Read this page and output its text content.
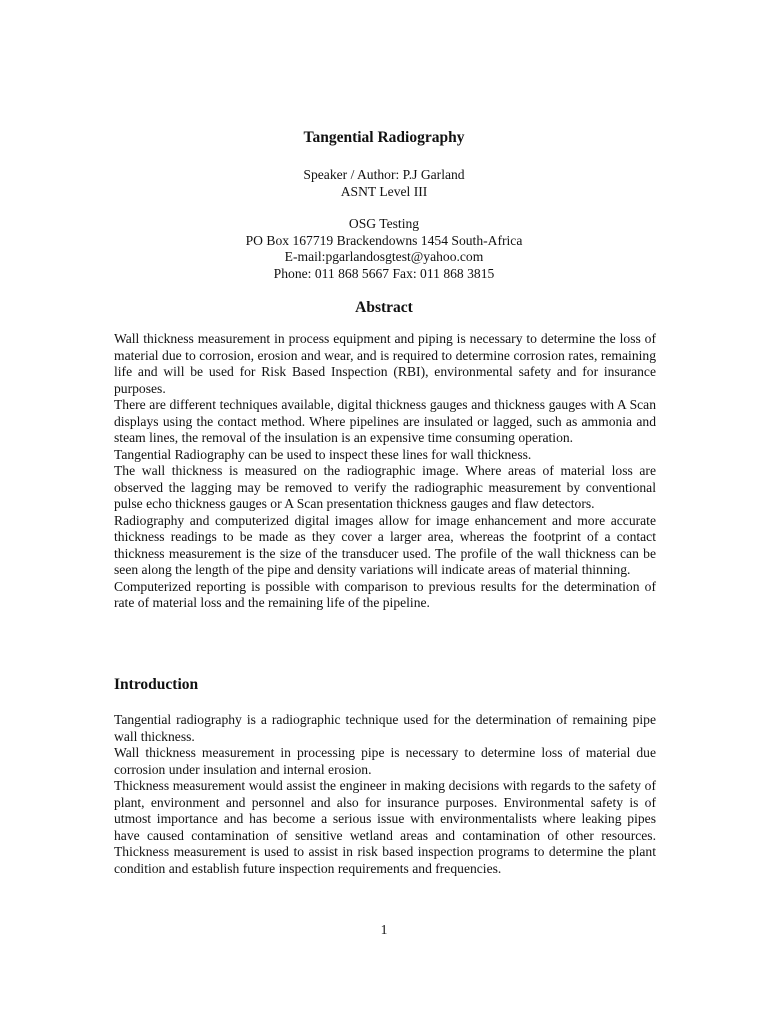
Tangential Radiography
Speaker / Author: P.J Garland
ASNT Level III
OSG Testing
PO Box 167719 Brackendowns 1454 South-Africa
E-mail:pgarlandosgtest@yahoo.com
Phone: 011 868 5667 Fax: 011 868 3815
Abstract

Wall thickness measurement in process equipment and piping is necessary to determine the loss of material due to corrosion, erosion and wear, and is required to determine corrosion rates, remaining life and will be used for Risk Based Inspection (RBI), environmental safety and for insurance purposes.

There are different techniques available, digital thickness gauges and thickness gauges with A Scan displays using the contact method. Where pipelines are insulated or lagged, such as ammonia and steam lines, the removal of the insulation is an expensive time consuming operation.

Tangential Radiography can be used to inspect these lines for wall thickness.

The wall thickness is measured on the radiographic image. Where areas of material loss are observed the lagging may be removed to verify the radiographic measurement by conventional pulse echo thickness gauges or A Scan presentation thickness gauges and flaw detectors.

Radiography and computerized digital images allow for image enhancement and more accurate thickness readings to be made as they cover a larger area, whereas the footprint of a contact thickness measurement is the size of the transducer used. The profile of the wall thickness can be seen along the length of the pipe and density variations will indicate areas of material thinning.

Computerized reporting is possible with comparison to previous results for the determination of rate of material loss and the remaining life of the pipeline.

Introduction

Tangential radiography is a radiographic technique used for the determination of remaining pipe wall thickness.

Wall thickness measurement in processing pipe is necessary to determine loss of material due corrosion under insulation and internal erosion.

Thickness measurement would assist the engineer in making decisions with regards to the safety of plant, environment and personnel and also for insurance purposes. Environmental safety is of utmost importance and has become a serious issue with environmentalists where leaking pipes have caused contamination of sensitive wetland areas and contamination of other resources. Thickness measurement is used to assist in risk based inspection programs to determine the plant condition and establish future inspection requirements and frequencies.

1
